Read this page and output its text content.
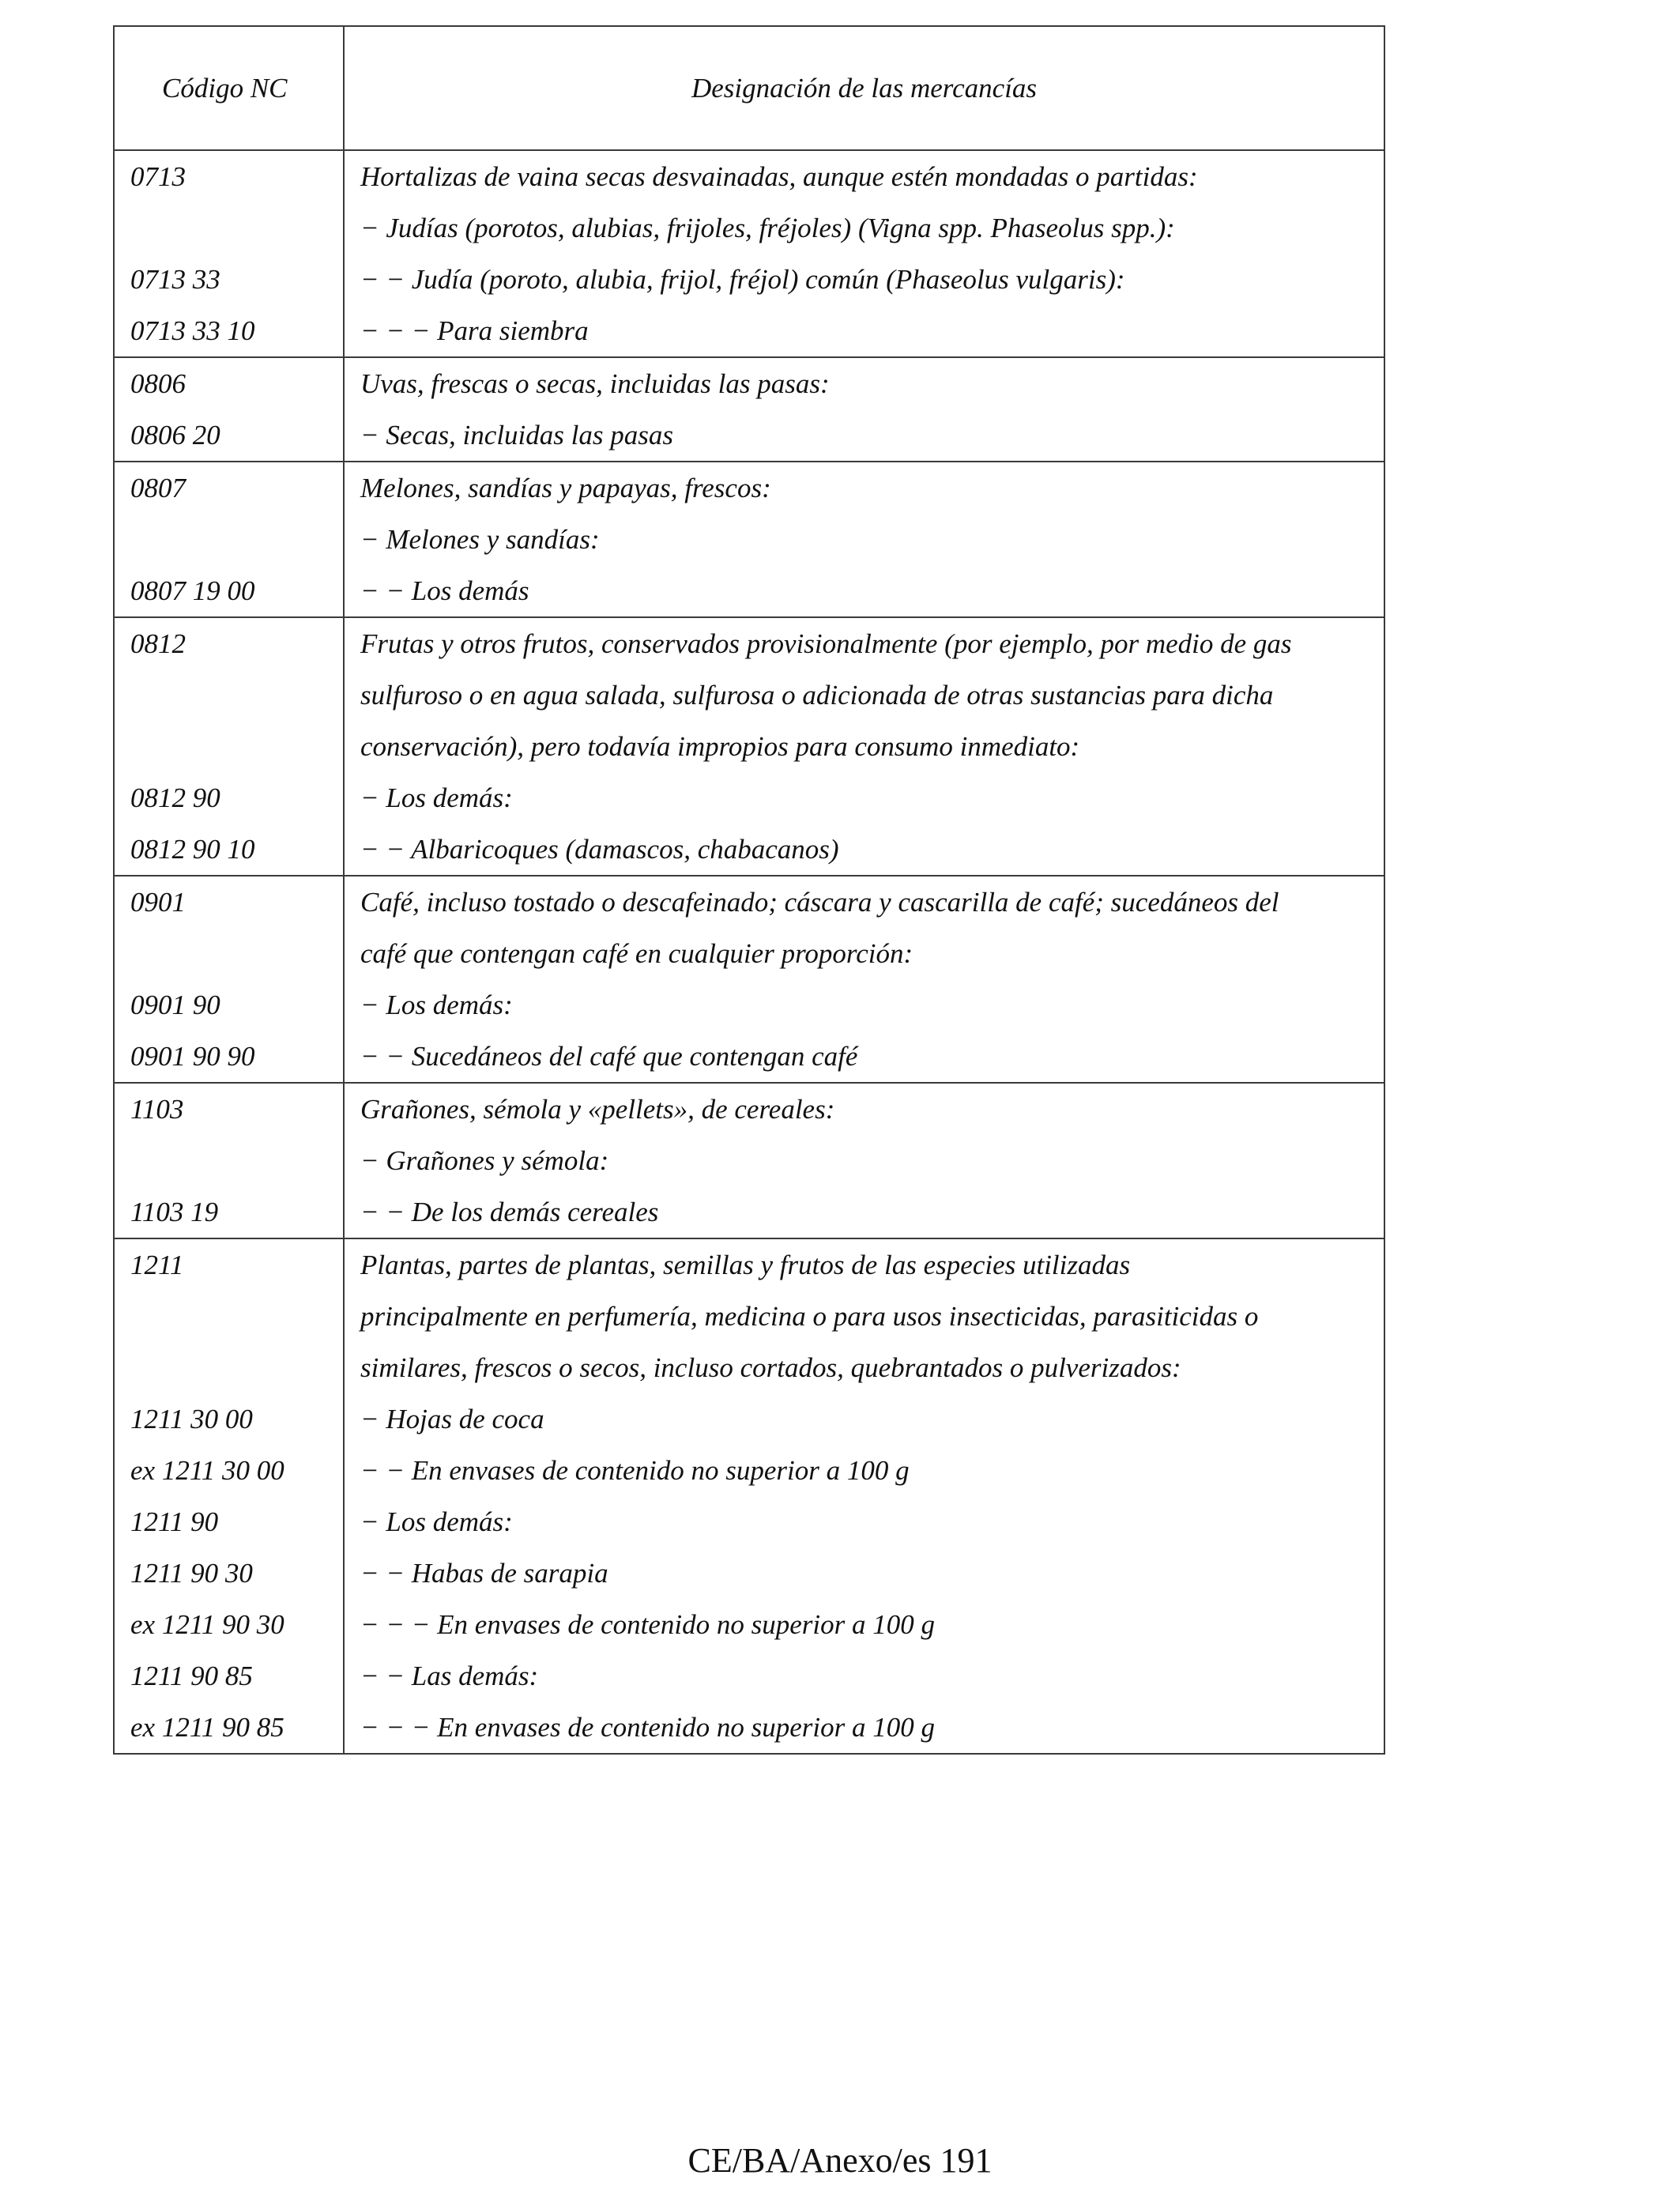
Código NC	Designación de las mercancías
0713	Hortalizas de vaina secas desvainadas, aunque estén mondadas o partidas:
	− Judías (porotos, alubias, frijoles, fréjoles) (Vigna spp. Phaseolus spp.):
0713 33	− − Judía (poroto, alubia, frijol, fréjol) común (Phaseolus vulgaris):
0713 33 10	− − − Para siembra
0806	Uvas, frescas o secas, incluidas las pasas:
0806 20	− Secas, incluidas las pasas
0807	Melones, sandías y papayas, frescos:
	− Melones y sandías:
0807 19 00	− − Los demás
0812	Frutas y otros frutos, conservados provisionalmente (por ejemplo, por medio de gas
	sulfuroso o en agua salada, sulfurosa o adicionada de otras sustancias para dicha
	conservación), pero todavía impropios para consumo inmediato:
0812 90	− Los demás:
0812 90 10	− − Albaricoques (damascos, chabacanos)
0901	Café, incluso tostado o descafeinado; cáscara y cascarilla de café; sucedáneos del
	café que contengan café en cualquier proporción:
0901 90	− Los demás:
0901 90 90	− − Sucedáneos del café que contengan café
1103	Grañones, sémola y «pellets», de cereales:
	− Grañones y sémola:
1103 19	− − De los demás cereales
1211	Plantas, partes de plantas, semillas y frutos de las especies utilizadas
	principalmente en perfumería, medicina o para usos insecticidas, parasiticidas o
	similares, frescos o secos, incluso cortados, quebrantados o pulverizados:
1211 30 00	− Hojas de coca
ex 1211 30 00	− − En envases de contenido no superior a 100 g
1211 90	− Los demás:
1211 90 30	− − Habas de sarapia
ex 1211 90 30	− − − En envases de contenido no superior a 100 g
1211 90 85	− − Las demás:
ex 1211 90 85	− − − En envases de contenido no superior a 100 g
CE/BA/Anexo/es 191
